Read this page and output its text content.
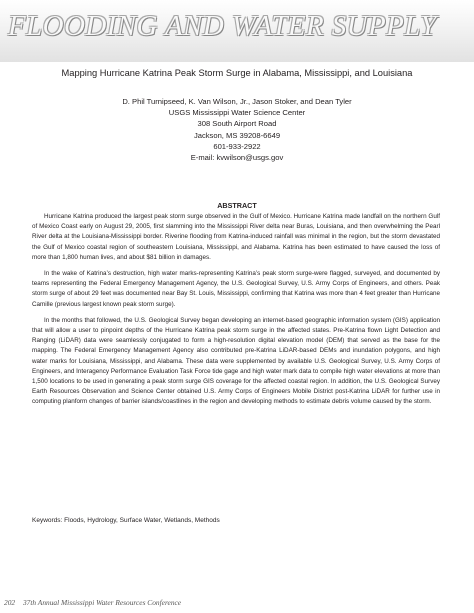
FLOODING AND WATER SUPPLY
Mapping Hurricane Katrina Peak Storm Surge in Alabama, Mississippi, and Louisiana
D. Phil Turnipseed, K. Van Wilson, Jr., Jason Stoker, and Dean Tyler
USGS Mississippi Water Science Center
308 South Airport Road
Jackson, MS 39208-6649
601-933-2922
E-mail: kvwilson@usgs.gov
ABSTRACT

Hurricane Katrina produced the largest peak storm surge observed in the Gulf of Mexico. Hurricane Katrina made landfall on the northern Gulf of Mexico Coast early on August 29, 2005, first slamming into the Mississippi River delta near Buras, Louisiana, and then overwhelming the Pearl River delta at the Louisiana-Mississippi border. Riverine flooding from Katrina-induced rainfall was minimal in the region, but the storm devastated the Gulf of Mexico coastal region of southeastern Louisiana, Mississippi, and Alabama. Katrina has been estimated to have caused the loss of more than 1,800 human lives, and about $81 billion in damages.

In the wake of Katrina’s destruction, high water marks-representing Katrina’s peak storm surge-were flagged, surveyed, and documented by teams representing the Federal Emergency Management Agency, the U.S. Geological Survey, U.S. Army Corps of Engineers, and others. Peak storm surge of about 29 feet was documented near Bay St. Louis, Mississippi, confirming that Katrina was more than 4 feet greater than Hurricane Camille (previous largest known peak storm surge).

In the months that followed, the U.S. Geological Survey began developing an internet-based geographic information system (GIS) application that will allow a user to pinpoint depths of the Hurricane Katrina peak storm surge in the affected states. Pre-Katrina flown Light Detection and Ranging (LiDAR) data were seamlessly conjugated to form a high-resolution digital elevation model (DEM) that served as the base for the mapping. The Federal Emergency Management Agency also contributed pre-Katrina LiDAR-based DEMs and inundation polygons, and high water marks for Louisiana, Mississippi, and Alabama. These data were supplemented by available U.S. Geological Survey, U.S. Army Corps of Engineers, and Interagency Performance Evaluation Task Force tide gage and high water mark data to compile high water elevations at more than 1,500 locations to be used in generating a peak storm surge GIS coverage for the affected coastal region. In addition, the U.S. Geological Survey Earth Resources Observation and Science Center obtained U.S. Army Corps of Engineers Mobile District post-Katrina LiDAR for further use in computing planform changes of barrier islands/coastlines in the region and developing methods to estimate debris volume caused by the storm.

Keywords: Floods, Hydrology, Surface Water, Wetlands, Methods
202 37th Annual Mississippi Water Resources Conference
